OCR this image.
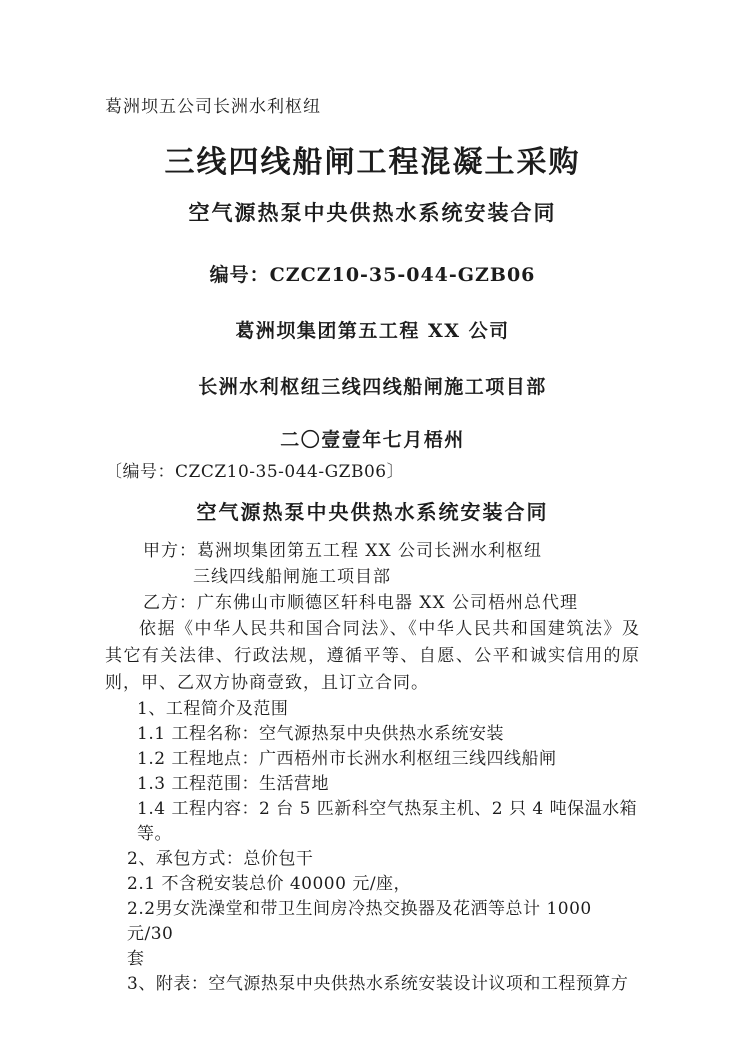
葛洲坝五公司长洲水利枢纽

三线四线船闸工程混凝土采购
空气源热泵中央供热水系统安装合同

编号：CZCZ10-35-044-GZB06

葛洲坝集团第五工程 XX 公司

长洲水利枢纽三线四线船闸施工项目部

二〇壹壹年七月梧州

〔编号：CZCZ10-35-044-GZB06〕

空气源热泵中央供热水系统安装合同

甲方：葛洲坝集团第五工程 XX 公司长洲水利枢纽

三线四线船闸施工项目部

乙方：广东佛山市顺德区轩科电器 XX 公司梧州总代理

依据《中华人民共和国合同法》、《中华人民共和国建筑法》及其它有关法律、行政法规，遵循平等、自愿、公平和诚实信用的原则，甲、乙双方协商壹致，且订立合同。

1、工程简介及范围

1.1 工程名称：空气源热泵中央供热水系统安装

1.2 工程地点：广西梧州市长洲水利枢纽三线四线船闸

1.3 工程范围：生活营地

1.4 工程内容：2 台 5 匹新科空气热泵主机、2 只 4 吨保温水箱等。

2、承包方式：总价包干

2.1 不含税安装总价 40000 元/座，

2.2男女洗澡堂和带卫生间房冷热交换器及花洒等总计 1000 元/30

套

3、附表：空气源热泵中央供热水系统安装设计议项和工程预算方
